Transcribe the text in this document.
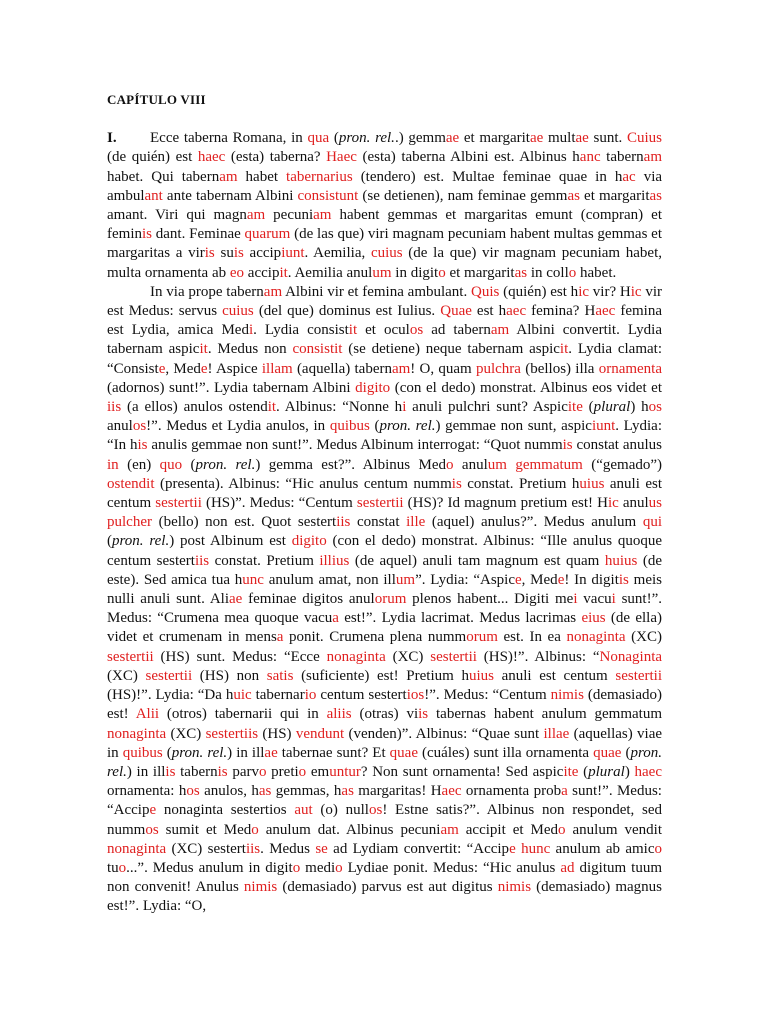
CAPÍTULO VIII

I. Ecce taberna Romana, in qua (pron. rel..) gemmae et margaritae multae sunt. Cuius (de quién) est haec (esta) taberna? Haec (esta) taberna Albini est. Albinus hanc tabernam habet. Qui tabernam habet tabernarius (tendero) est. Multae feminae quae in hac via ambulant ante tabernam Albini consistunt (se detienen), nam feminae gemmas et margaritas amant. Viri qui magnam pecuniam habent gemmas et margaritas emunt (compran) et feminis dant. Feminae quarum (de las que) viri magnam pecuniam habent multas gemmas et margaritas a viris suis accipiunt. Aemilia, cuius (de la que) vir magnam pecuniam habet, multa ornamenta ab eo accipit. Aemilia anulum in digito et margaritas in collo habet.

In via prope tabernam Albini vir et femina ambulant. Quis (quién) est hic vir? Hic vir est Medus: servus cuius (del que) dominus est Iulius. Quae est haec femina? Haec femina est Lydia, amica Medi. Lydia consistit et oculos ad tabernam Albini convertit. Lydia tabernam aspicit. Medus non consistit (se detiene) neque tabernam aspicit. Lydia clamat: “Consiste, Mede! Aspice illam (aquella) tabernam! O, quam pulchra (bellos) illa ornamenta (adornos) sunt!”. Lydia tabernam Albini digito (con el dedo) monstrat. Albinus eos videt et iis (a ellos) anulos ostendit. Albinus: “Nonne hi anuli pulchri sunt? Aspicite (plural) hos anulos!”. Medus et Lydia anulos, in quibus (pron. rel.) gemmae non sunt, aspiciunt. Lydia: “In his anulis gemmae non sunt!”. Medus Albinum interrogat: “Quot nummis constat anulus in (en) quo (pron. rel.) gemma est?”. Albinus Medo anulum gemmatum (“gemado”) ostendit (presenta). Albinus: “Hic anulus centum nummis constat. Pretium huius anuli est centum sestertii (HS)”. Medus: “Centum sestertii (HS)? Id magnum pretium est! Hic anulus pulcher (bello) non est. Quot sestertiis constat ille (aquel) anulus?”. Medus anulum qui (pron. rel.) post Albinum est digito (con el dedo) monstrat. Albinus: “Ille anulus quoque centum sestertiis constat. Pretium illius (de aquel) anuli tam magnum est quam huius (de este). Sed amica tua hunc anulum amat, non illum”. Lydia: “Aspice, Mede! In digitis meis nulli anuli sunt. Aliae feminae digitos anulorum plenos habent... Digiti mei vacui sunt!”. Medus: “Crumena mea quoque vacua est!”. Lydia lacrimat. Medus lacrimas eius (de ella) videt et crumenam in mensa ponit. Crumena plena nummorum est. In ea nonaginta (XC) sestertii (HS) sunt. Medus: “Ecce nonaginta (XC) sestertii (HS)!”. Albinus: “Nonaginta (XC) sestertii (HS) non satis (suficiente) est! Pretium huius anuli est centum sestertii (HS)!”. Lydia: “Da huic tabernario centum sestertios!”. Medus: “Centum nimis (demasiado) est! Alii (otros) tabernarii qui in aliis (otras) viis tabernas habent anulum gemmatum nonaginta (XC) sestertiis (HS) vendunt (venden)”. Albinus: “Quae sunt illae (aquellas) viae in quibus (pron. rel.) in illae tabernae sunt? Et quae (cuáles) sunt illa ornamenta quae (pron. rel.) in illis tabernis parvo pretio emuntur? Non sunt ornamenta! Sed aspicite (plural) haec ornamenta: hos anulos, has gemmas, has margaritas! Haec ornamenta proba sunt!”. Medus: “Accipe nonaginta sestertios aut (o) nullos! Estne satis?”. Albinus non respondet, sed nummos sumit et Medo anulum dat. Albinus pecuniam accipit et Medo anulum vendit nonaginta (XC) sestertiis. Medus se ad Lydiam convertit: “Accipe hunc anulum ab amico tuo...”. Medus anulum in digito medio Lydiae ponit. Medus: “Hic anulus ad digitum tuum non convenit! Anulus nimis (demasiado) parvus est aut digitus nimis (demasiado) magnus est!”. Lydia: “O,
